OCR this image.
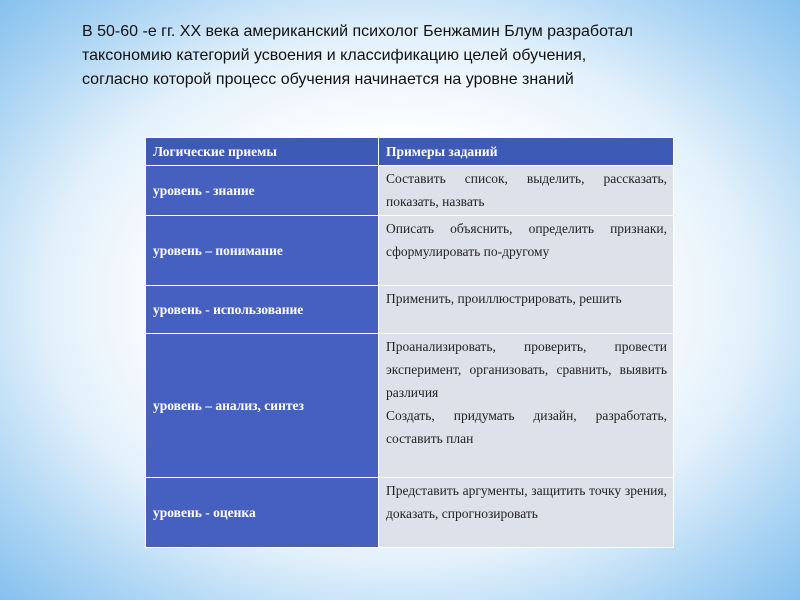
В 50-60 -е гг. XX века американский психолог Бенжамин Блум разработал
таксономию категорий усвоения и классификацию целей обучения,
согласно которой процесс обучения начинается на уровне знаний
Логические приемы	Примеры заданий
уровень - знание	Составить список, выделить, рассказать, показать, назвать

уровень – понимание	Описать объяснить, определить признаки, сформулировать по-другому

уровень - использование	Применить, проиллюстрировать, решить

уровень – анализ, синтез	Проанализировать, проверить, провести эксперимент, организовать, сравнить, выявить различия

Создать, придумать дизайн, разработать, составить план

уровень - оценка	Представить аргументы, защитить точку зрения, доказать, спрогнозировать
